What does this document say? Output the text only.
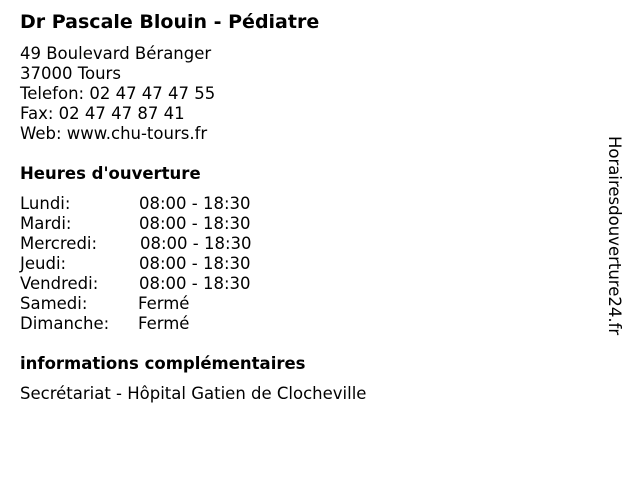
Dr Pascale Blouin - Pédiatre
49 Boulevard Béranger
37000 Tours
Telefon: 02 47 47 47 55
Fax: 02 47 47 87 41
Web: www.chu-tours.fr
Heures d'ouverture
Lundi:	08:00 - 18:30
Mardi:	08:00 - 18:30
Mercredi:	08:00 - 18:30
Jeudi:	08:00 - 18:30
Vendredi: 08:00 - 18:30
Samedi:	Fermé
Dimanche: Fermé
informations complémentaires
Secrétariat - Hôpital Gatien de Clocheville
Horairesdouverture24.fr
